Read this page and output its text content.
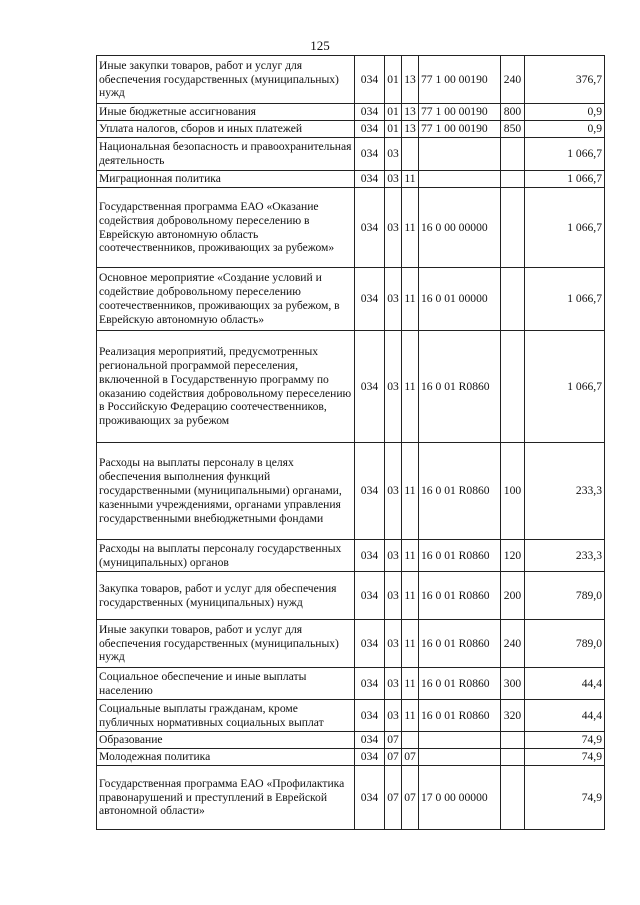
125
Иные закупки товаров, работ и услуг для обеспечения государственных (муниципальных) нужд	034	01	13	77 1 00 00190	240	376,7
Иные бюджетные ассигнования	034	01	13	77 1 00 00190	800	0,9
Уплата налогов, сборов и иных платежей	034	01	13	77 1 00 00190	850	0,9
Национальная безопасность и правоохранительная деятельность	034	03				1 066,7
Миграционная политика	034	03	11			1 066,7
Государственная программа ЕАО «Оказание содействия добровольному переселению в Еврейскую автономную область соотечественников, проживающих за рубежом»	034	03	11	16 0 00 00000		1 066,7
Основное мероприятие «Создание условий и содействие добровольному переселению соотечественников, проживающих за рубежом, в Еврейскую автономную область»	034	03	11	16 0 01 00000		1 066,7
Реализация мероприятий, предусмотренных региональной программой переселения, включенной в Государственную программу по оказанию содействия добровольному переселению в Российскую Федерацию соотечественников, проживающих за рубежом	034	03	11	16 0 01 R0860		1 066,7
Расходы на выплаты персоналу в целях обеспечения выполнения функций государственными (муниципальными) органами, казенными учреждениями, органами управления государственными внебюджетными фондами	034	03	11	16 0 01 R0860	100	233,3
Расходы на выплаты персоналу государственных (муниципальных) органов	034	03	11	16 0 01 R0860	120	233,3
Закупка товаров, работ и услуг для обеспечения государственных (муниципальных) нужд	034	03	11	16 0 01 R0860	200	789,0
Иные закупки товаров, работ и услуг для обеспечения государственных (муниципальных) нужд	034	03	11	16 0 01 R0860	240	789,0
Социальное обеспечение и иные выплаты населению	034	03	11	16 0 01 R0860	300	44,4
Социальные выплаты гражданам, кроме публичных нормативных социальных выплат	034	03	11	16 0 01 R0860	320	44,4
Образование	034	07				74,9
Молодежная политика	034	07	07			74,9
Государственная программа ЕАО «Профилактика правонарушений и преступлений в Еврейской автономной области»	034	07	07	17 0 00 00000		74,9
